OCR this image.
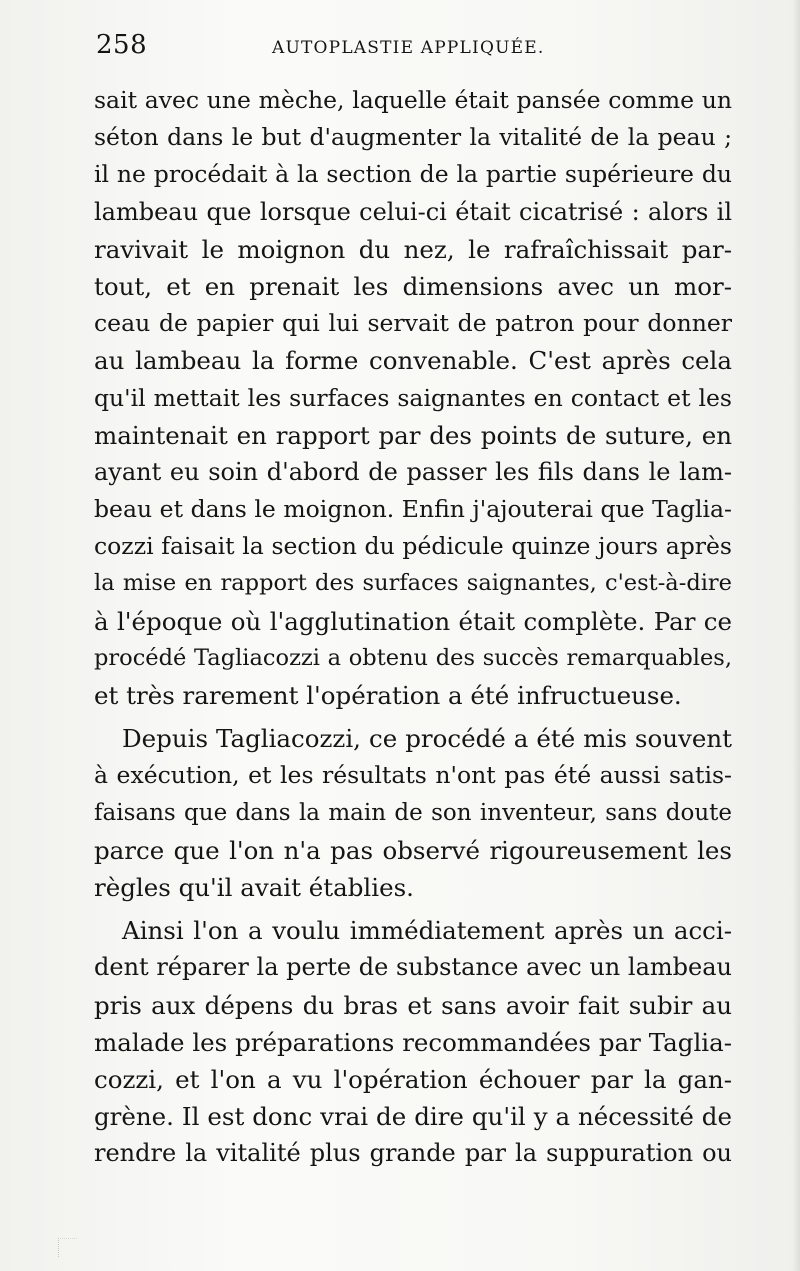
258	AUTOPLASTIE APPLIQUÉE.
sait avec une mèche, laquelle était pansée comme un
séton dans le but d'augmenter la vitalité de la peau ;
il ne procédait à la section de la partie supérieure du
lambeau que lorsque celui-ci était cicatrisé : alors il
ravivait le moignon du nez, le rafraîchissait par-
tout, et en prenait les dimensions avec un mor-
ceau de papier qui lui servait de patron pour donner
au lambeau la forme convenable. C'est après cela
qu'il mettait les surfaces saignantes en contact et les
maintenait en rapport par des points de suture, en
ayant eu soin d'abord de passer les fils dans le lam-
beau et dans le moignon. Enfin j'ajouterai que Taglia-
cozzi faisait la section du pédicule quinze jours après
la mise en rapport des surfaces saignantes, c'est-à-dire
à l'époque où l'agglutination était complète. Par ce
procédé Tagliacozzi a obtenu des succès remarquables,
et très rarement l'opération a été infructueuse.
Depuis Tagliacozzi, ce procédé a été mis souvent
à exécution, et les résultats n'ont pas été aussi satis-
faisans que dans la main de son inventeur, sans doute
parce que l'on n'a pas observé rigoureusement les
règles qu'il avait établies.
Ainsi l'on a voulu immédiatement après un acci-
dent réparer la perte de substance avec un lambeau
pris aux dépens du bras et sans avoir fait subir au
malade les préparations recommandées par Taglia-
cozzi, et l'on a vu l'opération échouer par la gan-
grène. Il est donc vrai de dire qu'il y a nécessité de
rendre la vitalité plus grande par la suppuration ou
